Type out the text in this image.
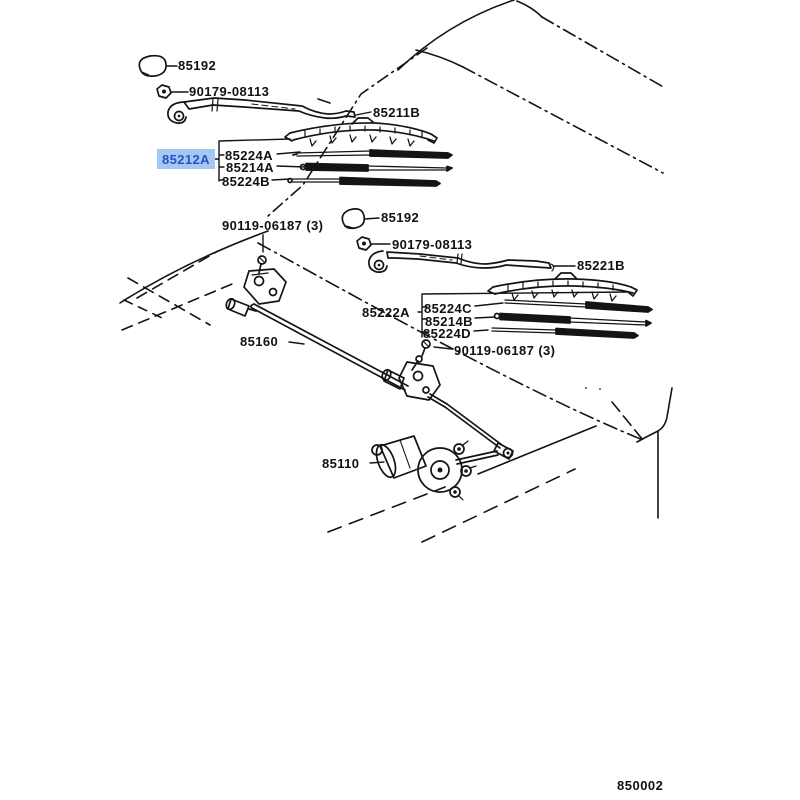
85192
90179-08113
85211B
85212A	85224A
85214A
85224B
90119-06187 (3)
85192
90179-08113
85221B
85222A 85224C
85214B
85224D
90119-06187 (3)
85160
85110
850002
